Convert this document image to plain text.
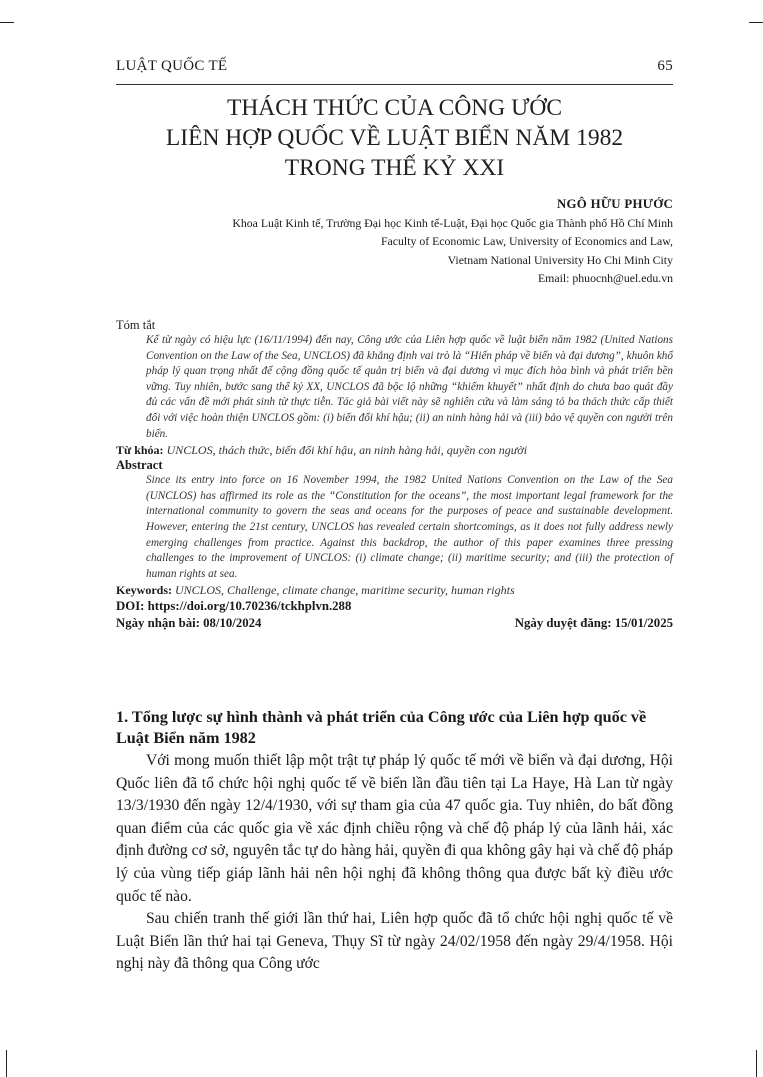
LUẬT QUỐC TẾ	65
THÁCH THỨC CỦA CÔNG ƯỚC
LIÊN HỢP QUỐC VỀ LUẬT BIỂN NĂM 1982
TRONG THẾ KỶ XXI
NGÔ HỮU PHƯỚC
Khoa Luật Kinh tế, Trường Đại học Kinh tế-Luật, Đại học Quốc gia Thành phố Hồ Chí Minh
Faculty of Economic Law, University of Economics and Law,
Vietnam National University Ho Chi Minh City
Email: phuocnh@uel.edu.vn
Tóm tắt
Kể từ ngày có hiệu lực (16/11/1994) đến nay, Công ước của Liên hợp quốc về luật biển năm 1982 (United Nations Convention on the Law of the Sea, UNCLOS) đã khẳng định vai trò là “Hiến pháp về biển và đại dương”, khuôn khổ pháp lý quan trọng nhất để cộng đồng quốc tế quản trị biển và đại dương vì mục đích hòa bình và phát triển bền vững. Tuy nhiên, bước sang thế kỷ XX, UNCLOS đã bộc lộ những “khiếm khuyết” nhất định do chưa bao quát đầy đủ các vấn đề mới phát sinh từ thực tiễn. Tác giả bài viết này sẽ nghiên cứu và làm sáng tỏ ba thách thức cấp thiết đối với việc hoàn thiện UNCLOS gồm: (i) biến đổi khí hậu; (ii) an ninh hàng hải và (iii) bảo vệ quyền con người trên biển.
Từ khóa: UNCLOS, thách thức, biến đổi khí hậu, an ninh hàng hải, quyền con người
Abstract
Since its entry into force on 16 November 1994, the 1982 United Nations Convention on the Law of the Sea (UNCLOS) has affirmed its role as the “Constitution for the oceans”, the most important legal framework for the international community to govern the seas and oceans for the purposes of peace and sustainable development. However, entering the 21st century, UNCLOS has revealed certain shortcomings, as it does not fully address newly emerging challenges from practice. Against this backdrop, the author of this paper examines three pressing challenges to the improvement of UNCLOS: (i) climate change; (ii) maritime security; and (iii) the protection of human rights at sea.
Keywords: UNCLOS, Challenge, climate change, maritime security, human rights
DOI: https://doi.org/10.70236/tckhplvn.288
Ngày nhận bài: 08/10/2024	Ngày duyệt đăng: 15/01/2025
1. Tổng lược sự hình thành và phát triển của Công ước của Liên hợp quốc về Luật Biển năm 1982

Với mong muốn thiết lập một trật tự pháp lý quốc tế mới về biển và đại dương, Hội Quốc liên đã tổ chức hội nghị quốc tế về biển lần đầu tiên tại La Haye, Hà Lan từ ngày 13/3/1930 đến ngày 12/4/1930, với sự tham gia của 47 quốc gia. Tuy nhiên, do bất đồng quan điểm của các quốc gia về xác định chiều rộng và chế độ pháp lý của lãnh hải, xác định đường cơ sở, nguyên tắc tự do hàng hải, quyền đi qua không gây hại và chế độ pháp lý của vùng tiếp giáp lãnh hải nên hội nghị đã không thông qua được bất kỳ điều ước quốc tế nào.

Sau chiến tranh thế giới lần thứ hai, Liên hợp quốc đã tổ chức hội nghị quốc tế về Luật Biển lần thứ hai tại Geneva, Thụy Sĩ từ ngày 24/02/1958 đến ngày 29/4/1958. Hội nghị này đã thông qua Công ước
